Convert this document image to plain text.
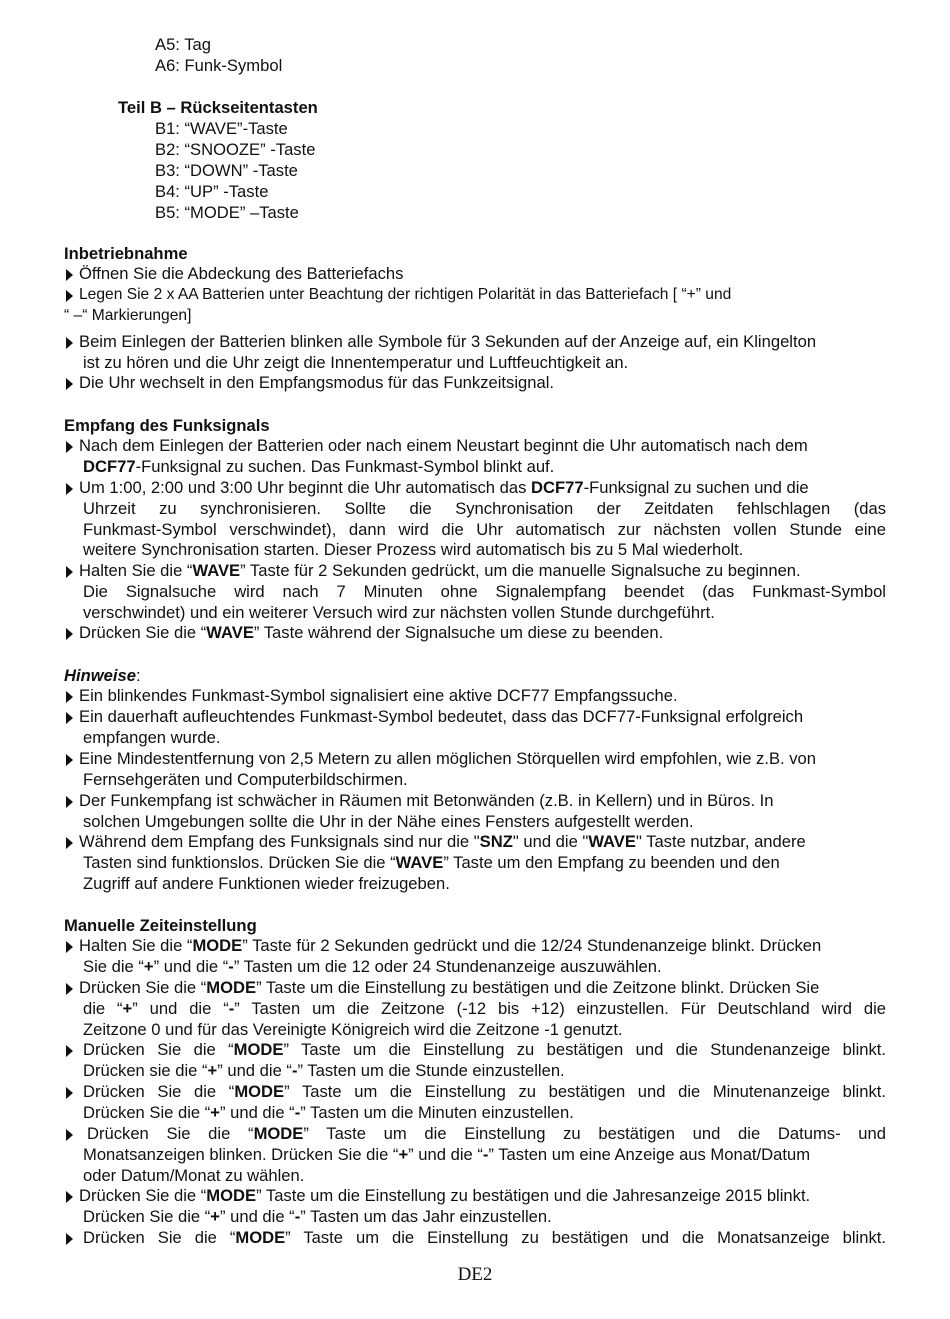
A5: Tag
A6: Funk-Symbol
Teil B – Rückseitentasten
B1: “WAVE”-Taste
B2: “SNOOZE” -Taste
B3: “DOWN” -Taste
B4: “UP” -Taste
B5: “MODE” –Taste
Inbetriebnahme
Öffnen Sie die Abdeckung des Batteriefachs
Legen Sie 2 x AA Batterien unter Beachtung der richtigen Polarität in das Batteriefach [ “+” und
“ –“ Markierungen]
Beim Einlegen der Batterien blinken alle Symbole für 3 Sekunden auf der Anzeige auf, ein Klingelton
ist zu hören und die Uhr zeigt die Innentemperatur und Luftfeuchtigkeit an.
Die Uhr wechselt in den Empfangsmodus für das Funkzeitsignal.
Empfang des Funksignals
Nach dem Einlegen der Batterien oder nach einem Neustart beginnt die Uhr automatisch nach dem
DCF77-Funksignal zu suchen. Das Funkmast-Symbol blinkt auf.
Um 1:00, 2:00 und 3:00 Uhr beginnt die Uhr automatisch das DCF77-Funksignal zu suchen und die
Uhrzeit zu synchronisieren. Sollte die Synchronisation der Zeitdaten fehlschlagen (das
Funkmast-Symbol verschwindet), dann wird die Uhr automatisch zur nächsten vollen Stunde eine
weitere Synchronisation starten. Dieser Prozess wird automatisch bis zu 5 Mal wiederholt.
Halten Sie die “WAVE” Taste für 2 Sekunden gedrückt, um die manuelle Signalsuche zu beginnen.
Die Signalsuche wird nach 7 Minuten ohne Signalempfang beendet (das Funkmast-Symbol
verschwindet) und ein weiterer Versuch wird zur nächsten vollen Stunde durchgeführt.
Drücken Sie die “WAVE” Taste während der Signalsuche um diese zu beenden.
Hinweise:
Ein blinkendes Funkmast-Symbol signalisiert eine aktive DCF77 Empfangssuche.
Ein dauerhaft aufleuchtendes Funkmast-Symbol bedeutet, dass das DCF77-Funksignal erfolgreich
empfangen wurde.
Eine Mindestentfernung von 2,5 Metern zu allen möglichen Störquellen wird empfohlen, wie z.B. von
Fernsehgeräten und Computerbildschirmen.
Der Funkempfang ist schwächer in Räumen mit Betonwänden (z.B. in Kellern) und in Büros. In
solchen Umgebungen sollte die Uhr in der Nähe eines Fensters aufgestellt werden.
Während dem Empfang des Funksignals sind nur die "SNZ" und die "WAVE" Taste nutzbar, andere
Tasten sind funktionslos. Drücken Sie die “WAVE” Taste um den Empfang zu beenden und den
Zugriff auf andere Funktionen wieder freizugeben.
Manuelle Zeiteinstellung
Halten Sie die “MODE” Taste für 2 Sekunden gedrückt und die 12/24 Stundenanzeige blinkt. Drücken
Sie die “+” und die “-” Tasten um die 12 oder 24 Stundenanzeige auszuwählen.
Drücken Sie die “MODE” Taste um die Einstellung zu bestätigen und die Zeitzone blinkt. Drücken Sie
die “+” und die “-” Tasten um die Zeitzone (-12 bis +12) einzustellen. Für Deutschland wird die
Zeitzone 0 und für das Vereinigte Königreich wird die Zeitzone -1 genutzt.
Drücken Sie die “MODE” Taste um die Einstellung zu bestätigen und die Stundenanzeige blinkt.
Drücken sie die “+” und die “-” Tasten um die Stunde einzustellen.
Drücken Sie die “MODE” Taste um die Einstellung zu bestätigen und die Minutenanzeige blinkt.
Drücken Sie die “+” und die “-” Tasten um die Minuten einzustellen.
Drücken Sie die “MODE” Taste um die Einstellung zu bestätigen und die Datums- und
Monatsanzeigen blinken. Drücken Sie die “+” und die “-” Tasten um eine Anzeige aus Monat/Datum
oder Datum/Monat zu wählen.
Drücken Sie die “MODE” Taste um die Einstellung zu bestätigen und die Jahresanzeige 2015 blinkt.
Drücken Sie die “+” und die “-” Tasten um das Jahr einzustellen.
Drücken Sie die “MODE” Taste um die Einstellung zu bestätigen und die Monatsanzeige blinkt.
DE2
